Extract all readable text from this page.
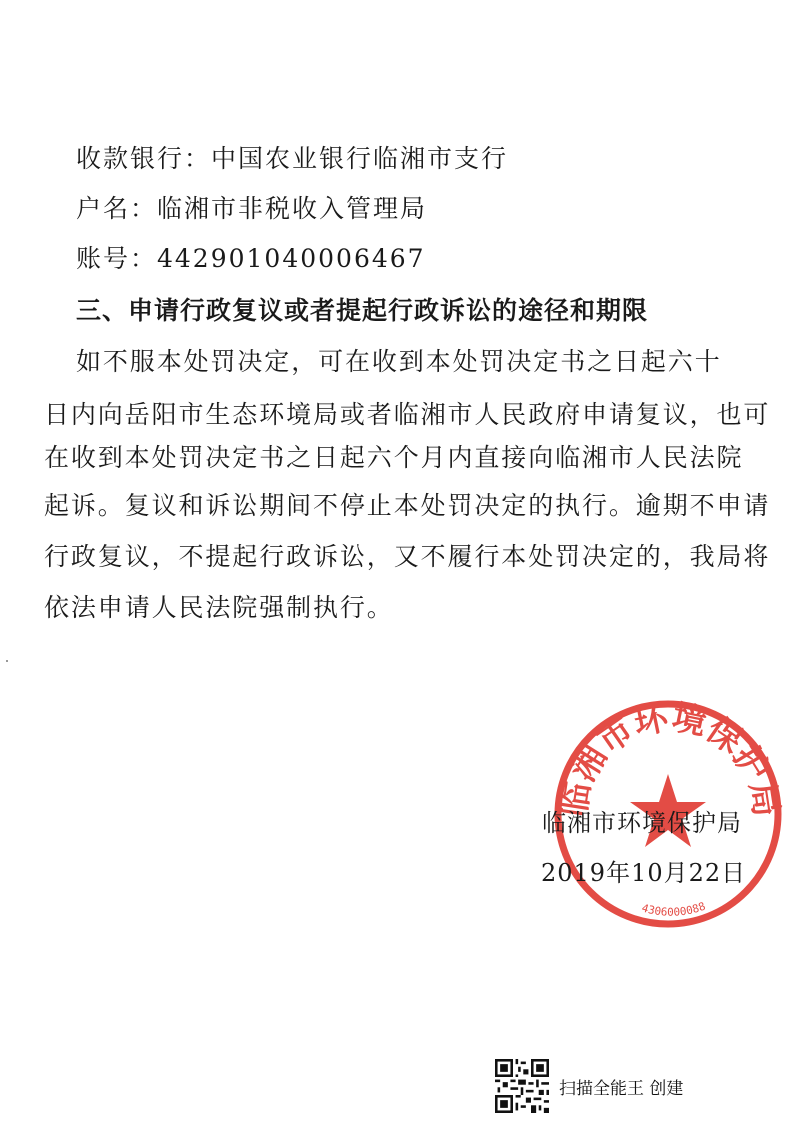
收款银行：中国农业银行临湘市支行
户名：临湘市非税收入管理局
账号：442901040006467
三、申请行政复议或者提起行政诉讼的途径和期限
如不服本处罚决定，可在收到本处罚决定书之日起六十
日内向岳阳市生态环境局或者临湘市人民政府申请复议，也可
在收到本处罚决定书之日起六个月内直接向临湘市人民法院
起诉。复议和诉讼期间不停止本处罚决定的执行。逾期不申请
行政复议，不提起行政诉讼，又不履行本处罚决定的，我局将
依法申请人民法院强制执行。
临湘市环境保护局
4306000088
临湘市环境保护局
2019年10月22日
扫描全能王 创建
